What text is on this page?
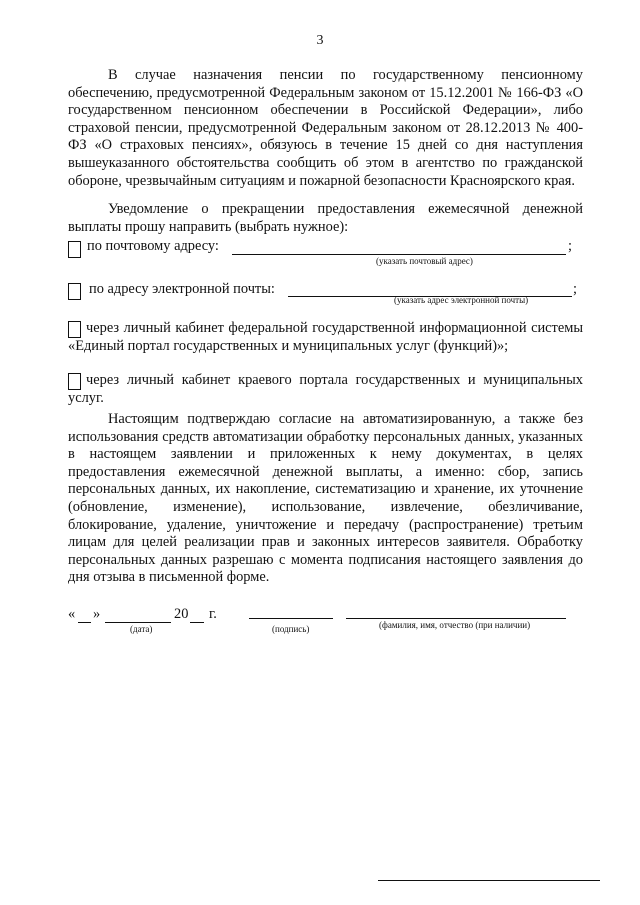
3
В случае назначения пенсии по государственному пенсионному обеспечению, предусмотренной Федеральным законом от 15.12.2001 № 166-ФЗ «О государственном пенсионном обеспечении в Российской Федерации», либо страховой пенсии, предусмотренной Федеральным законом от 28.12.2013 № 400-ФЗ «О страховых пенсиях», обязуюсь в течение 15 дней со дня наступления вышеуказанного обстоятельства сообщить об этом в агентство по гражданской обороне, чрезвычайным ситуациям и пожарной безопасности Красноярского края.
Уведомление о прекращении предоставления ежемесячной денежной выплаты прошу направить (выбрать нужное):
по почтовому адресу:	;
(указать почтовый адрес)
по адресу электронной почты:	;
(указать адрес электронной почты)
через личный кабинет федеральной государственной информационной системы «Единый портал государственных и муниципальных услуг (функций)»;
через личный кабинет краевого портала государственных и муниципальных услуг.
Настоящим подтверждаю согласие на автоматизированную, а также без использования средств автоматизации обработку персональных данных, указанных в настоящем заявлении и приложенных к нему документах, в целях предоставления ежемесячной денежной выплаты, а именно: сбор, запись персональных данных, их накопление, систематизацию и хранение, их уточнение (обновление, изменение), использование, извлечение, обезличивание, блокирование, удаление, уничтожение и передачу (распространение) третьим лицам для целей реализации прав и законных интересов заявителя. Обработку персональных данных разрешаю с момента подписания настоящего заявления до дня отзыва в письменной форме.
« »	20 г.
(дата)	(подпись)	(фамилия, имя, отчество (при наличии)
